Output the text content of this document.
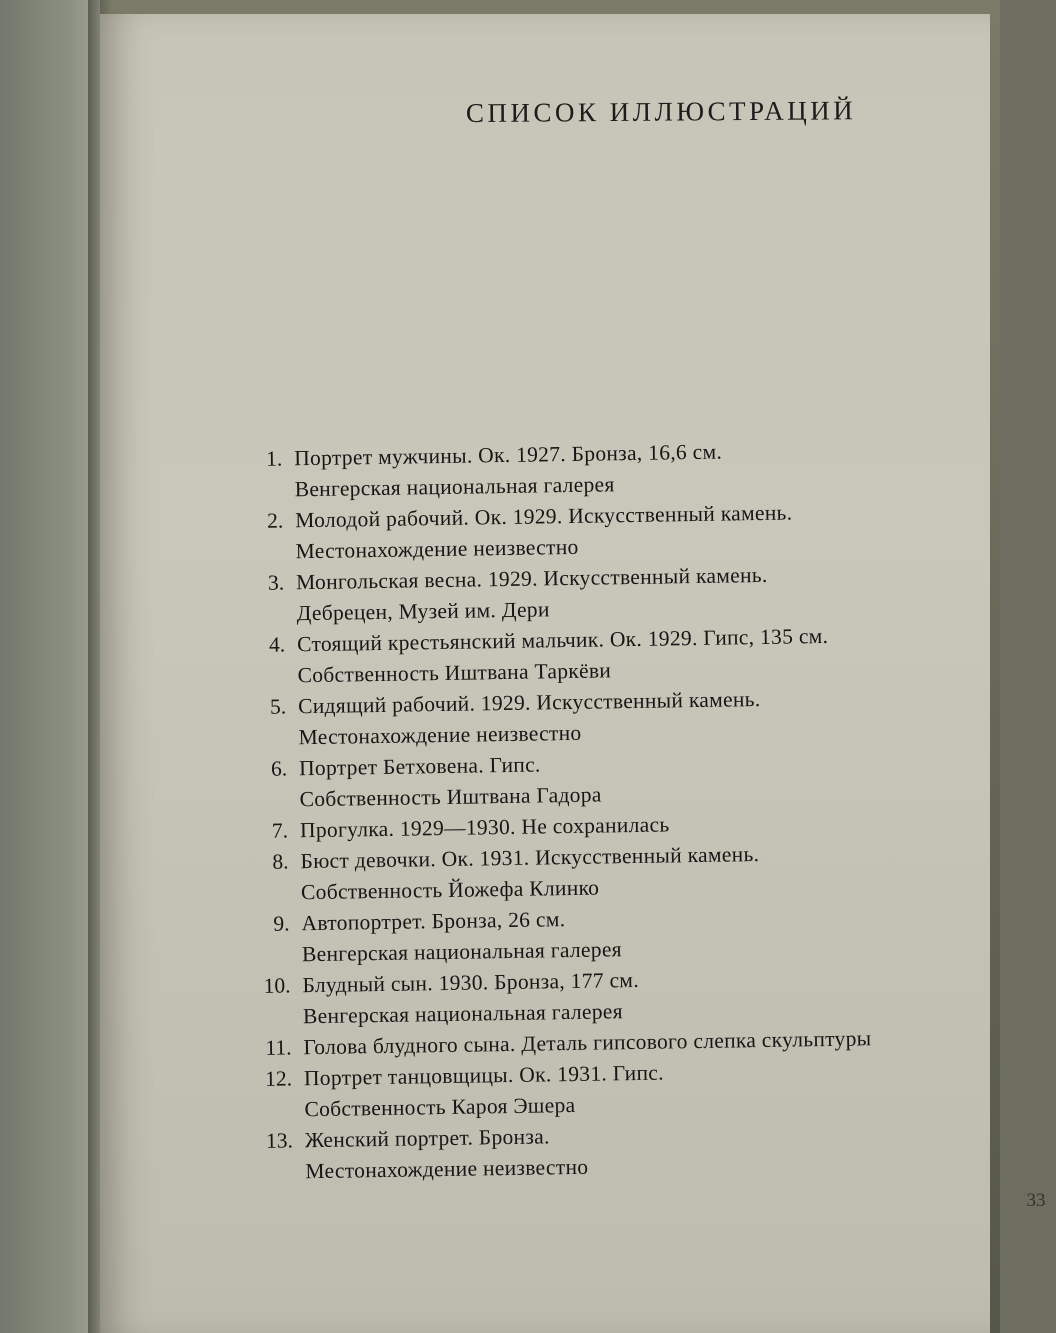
СПИСОК ИЛЛЮСТРАЦИЙ
1. Портрет мужчины. Ок. 1927. Бронза, 16,6 см.
Венгерская национальная галерея
2. Молодой рабочий. Ок. 1929. Искусственный камень.
Местонахождение неизвестно
3. Монгольская весна. 1929. Искусственный камень.
Дебрецен, Музей им. Дери
4. Стоящий крестьянский мальчик. Ок. 1929. Гипс, 135 см.
Собственность Иштвана Таркёви
5. Сидящий рабочий. 1929. Искусственный камень.
Местонахождение неизвестно
6. Портрет Бетховена. Гипс.
Собственность Иштвана Гадора
7. Прогулка. 1929—1930. Не сохранилась
8. Бюст девочки. Ок. 1931. Искусственный камень.
Собственность Йожефа Клинко
9. Автопортрет. Бронза, 26 см.
Венгерская национальная галерея
10. Блудный сын. 1930. Бронза, 177 см.
Венгерская национальная галерея
11. Голова блудного сына. Деталь гипсового слепка скульптуры
12. Портрет танцовщицы. Ок. 1931. Гипс.
Собственность Кароя Эшера
13. Женский портрет. Бронза.
Местонахождение неизвестно
33
